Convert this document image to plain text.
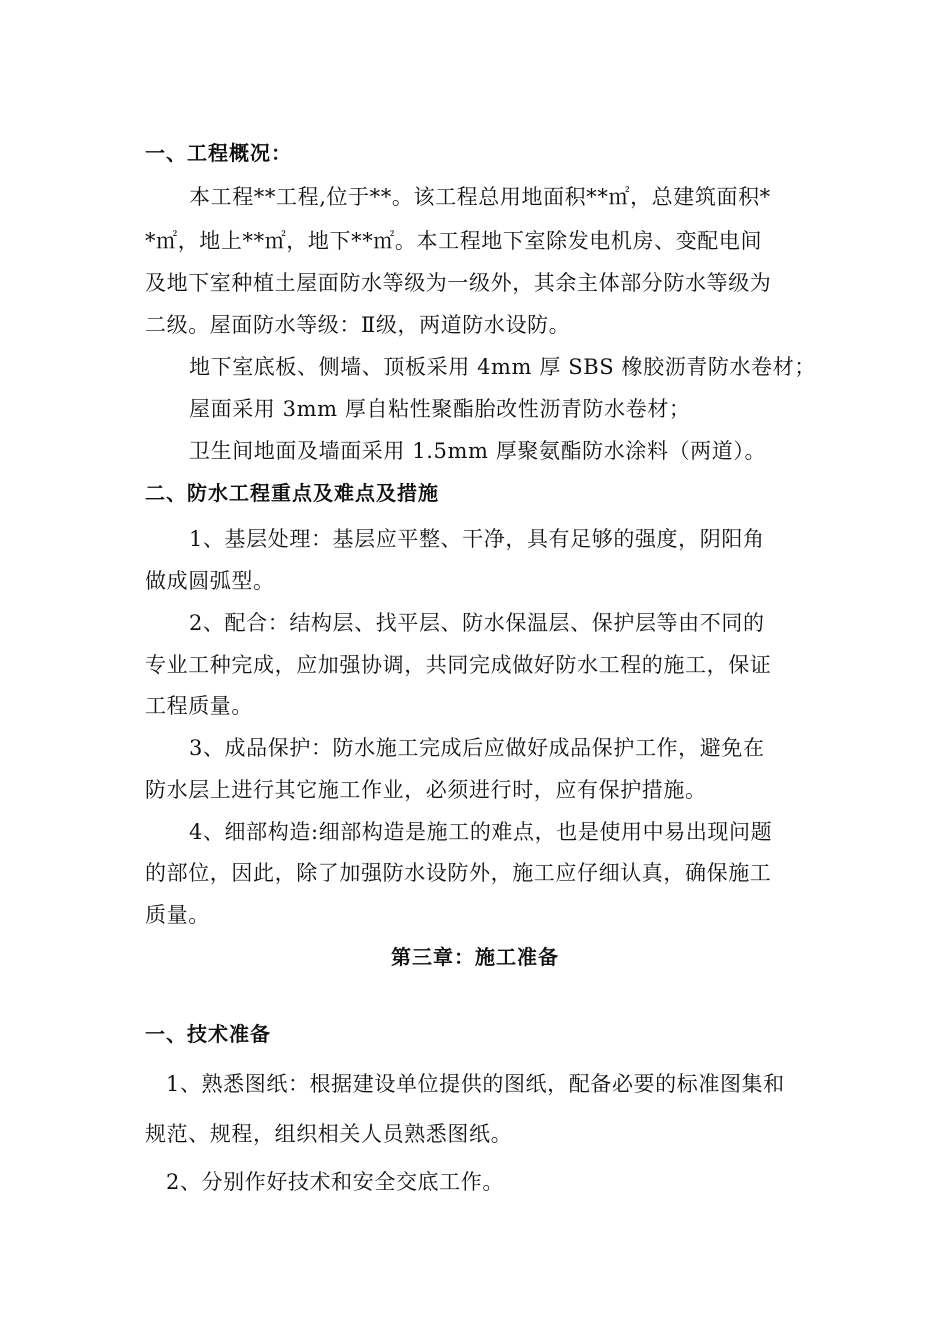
一、工程概况：
本工程**工程,位于**。该工程总用地面积**㎡，总建筑面积*
*㎡，地上**㎡，地下**㎡。本工程地下室除发电机房、变配电间
及地下室种植土屋面防水等级为一级外，其余主体部分防水等级为
二级。屋面防水等级：Ⅱ级，两道防水设防。
地下室底板、侧墙、顶板采用 4mm 厚 SBS 橡胶沥青防水卷材；
屋面采用 3mm 厚自粘性聚酯胎改性沥青防水卷材；
卫生间地面及墙面采用 1.5mm 厚聚氨酯防水涂料（两道）。
二、防水工程重点及难点及措施
1、基层处理：基层应平整、干净，具有足够的强度，阴阳角
做成圆弧型。
2、配合：结构层、找平层、防水保温层、保护层等由不同的
专业工种完成，应加强协调，共同完成做好防水工程的施工，保证
工程质量。
3、成品保护：防水施工完成后应做好成品保护工作，避免在
防水层上进行其它施工作业，必须进行时，应有保护措施。
4、细部构造:细部构造是施工的难点，也是使用中易出现问题
的部位，因此，除了加强防水设防外，施工应仔细认真，确保施工
质量。
第三章：施工准备
一、技术准备
1、熟悉图纸：根据建设单位提供的图纸，配备必要的标准图集和
规范、规程，组织相关人员熟悉图纸。
2、分别作好技术和安全交底工作。
